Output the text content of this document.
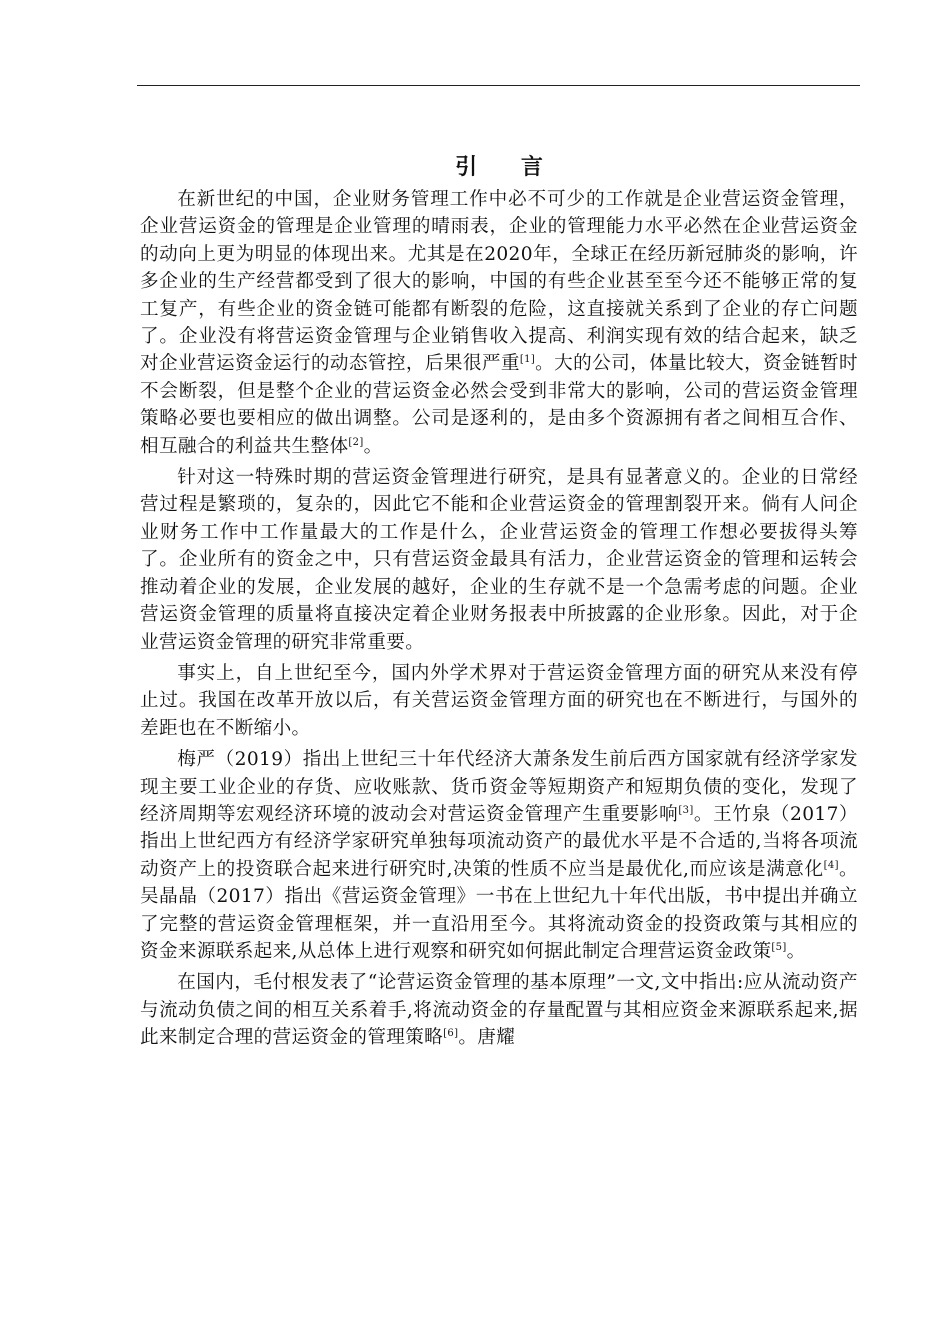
引 言

在新世纪的中国，企业财务管理工作中必不可少的工作就是企业营运资金管理，企业营运资金的管理是企业管理的晴雨表，企业的管理能力水平必然在企业营运资金的动向上更为明显的体现出来。尤其是在2020年，全球正在经历新冠肺炎的影响，许多企业的生产经营都受到了很大的影响，中国的有些企业甚至至今还不能够正常的复工复产，有些企业的资金链可能都有断裂的危险，这直接就关系到了企业的存亡问题了。企业没有将营运资金管理与企业销售收入提高、利润实现有效的结合起来，缺乏对企业营运资金运行的动态管控，后果很严重[1]。大的公司，体量比较大，资金链暂时不会断裂，但是整个企业的营运资金必然会受到非常大的影响，公司的营运资金管理策略必要也要相应的做出调整。公司是逐利的，是由多个资源拥有者之间相互合作、相互融合的利益共生整体[2]。

针对这一特殊时期的营运资金管理进行研究，是具有显著意义的。企业的日常经营过程是繁琐的，复杂的，因此它不能和企业营运资金的管理割裂开来。倘有人问企业财务工作中工作量最大的工作是什么，企业营运资金的管理工作想必要拔得头筹了。企业所有的资金之中，只有营运资金最具有活力，企业营运资金的管理和运转会推动着企业的发展，企业发展的越好，企业的生存就不是一个急需考虑的问题。企业营运资金管理的质量将直接决定着企业财务报表中所披露的企业形象。因此，对于企业营运资金管理的研究非常重要。

事实上，自上世纪至今，国内外学术界对于营运资金管理方面的研究从来没有停止过。我国在改革开放以后，有关营运资金管理方面的研究也在不断进行，与国外的差距也在不断缩小。

梅严（2019）指出上世纪三十年代经济大萧条发生前后西方国家就有经济学家发现主要工业企业的存货、应收账款、货币资金等短期资产和短期负债的变化，发现了经济周期等宏观经济环境的波动会对营运资金管理产生重要影响[3]。王竹泉（2017）指出上世纪西方有经济学家研究单独每项流动资产的最优水平是不合适的,当将各项流动资产上的投资联合起来进行研究时,决策的性质不应当是最优化,而应该是满意化[4]。吴晶晶（2017）指出《营运资金管理》一书在上世纪九十年代出版，书中提出并确立了完整的营运资金管理框架，并一直沿用至今。其将流动资金的投资政策与其相应的资金来源联系起来,从总体上进行观察和研究如何据此制定合理营运资金政策[5]。

在国内，毛付根发表了“论营运资金管理的基本原理”一文,文中指出:应从流动资产与流动负债之间的相互关系着手,将流动资金的存量配置与其相应资金来源联系起来,据此来制定合理的营运资金的管理策略[6]。唐耀
